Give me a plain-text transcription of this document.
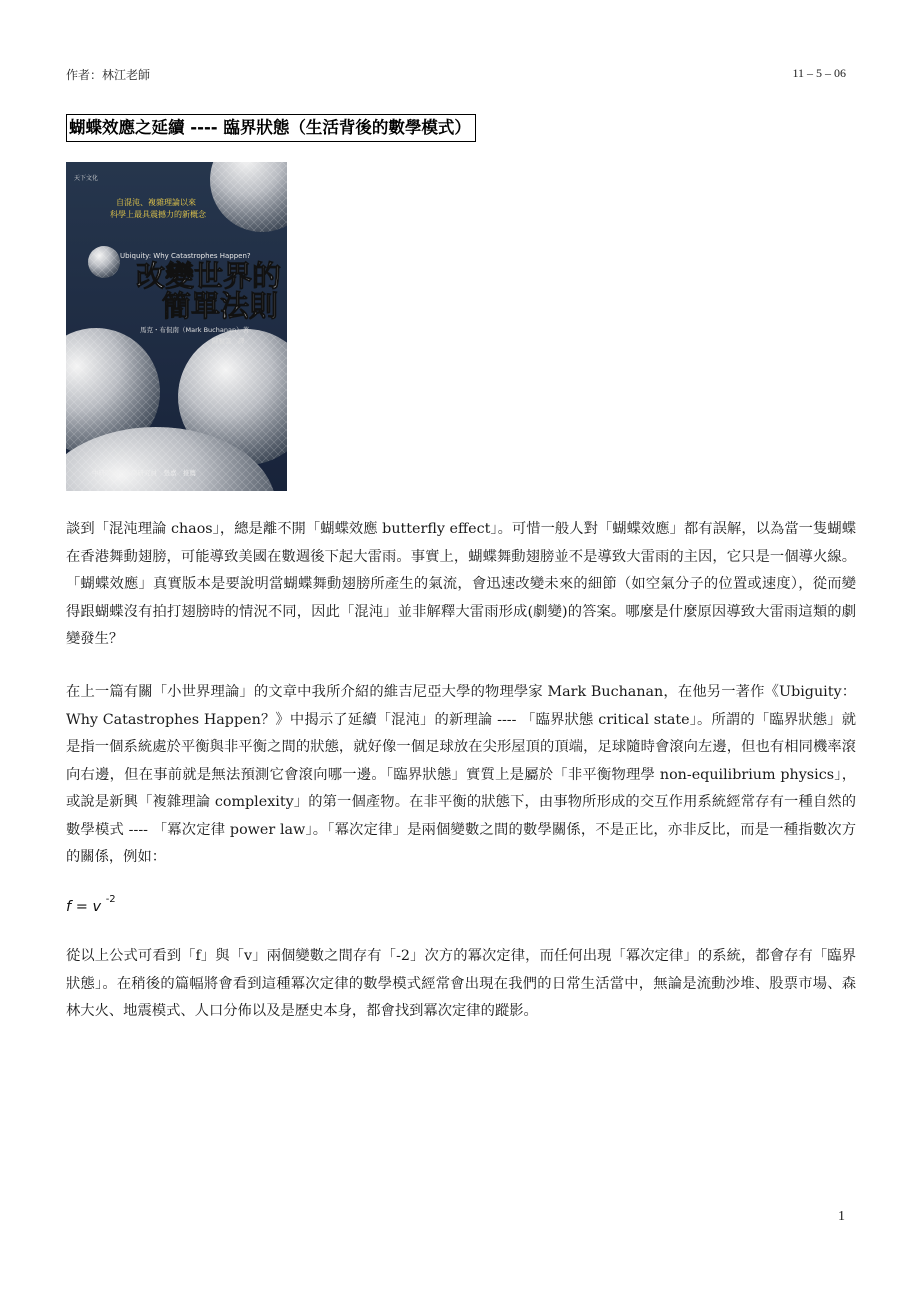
作者：林江老師	11 – 5 – 06
蝴蝶效應之延續 ---- 臨界狀態（生活背後的數學模式）
天下文化
自混沌、複雜理論以來
科學上最具震撼力的新概念
Ubiquity: Why Catastrophes Happen?
改變世界的
簡單法則
馬克・布侃南（Mark Buchanan）著
陳雅雲　譯
中研院資訊所副研究員　張嘉　推薦

談到「混沌理論 chaos」，總是離不開「蝴蝶效應 butterfly effect」。可惜一般人對「蝴蝶效應」都有誤解，以為當一隻蝴蝶在香港舞動翅膀，可能導致美國在數週後下起大雷雨。事實上，蝴蝶舞動翅膀並不是導致大雷雨的主因，它只是一個導火線。「蝴蝶效應」真實版本是要說明當蝴蝶舞動翅膀所產生的氣流，會迅速改變未來的細節（如空氣分子的位置或速度），從而變得跟蝴蝶沒有拍打翅膀時的情況不同，因此「混沌」並非解釋大雷雨形成(劇變)的答案。哪麼是什麼原因導致大雷雨這類的劇變發生？

在上一篇有關「小世界理論」的文章中我所介紹的維吉尼亞大學的物理學家 Mark Buchanan，在他另一著作《Ubiguity：Why Catastrophes Happen？》中揭示了延續「混沌」的新理論 ---- 「臨界狀態 critical state」。所謂的「臨界狀態」就是指一個系統處於平衡與非平衡之間的狀態，就好像一個足球放在尖形屋頂的頂端，足球隨時會滾向左邊，但也有相同機率滾向右邊，但在事前就是無法預測它會滾向哪一邊。「臨界狀態」實質上是屬於「非平衡物理學 non-equilibrium physics」，或說是新興「複雜理論 complexity」的第一個產物。在非平衡的狀態下，由事物所形成的交互作用系統經常存有一種自然的數學模式 ---- 「冪次定律 power law」。「冪次定律」是兩個變數之間的數學關係，不是正比，亦非反比，而是一種指數次方的關係，例如：

f = v $^{-2}$

從以上公式可看到「f」與「v」兩個變數之間存有「-2」次方的冪次定律，而任何出現「冪次定律」的系統，都會存有「臨界狀態」。在稍後的篇幅將會看到這種冪次定律的數學模式經常會出現在我們的日常生活當中，無論是流動沙堆、股票市場、森林大火、地震模式、人口分佈以及是歷史本身，都會找到冪次定律的蹤影。

1
